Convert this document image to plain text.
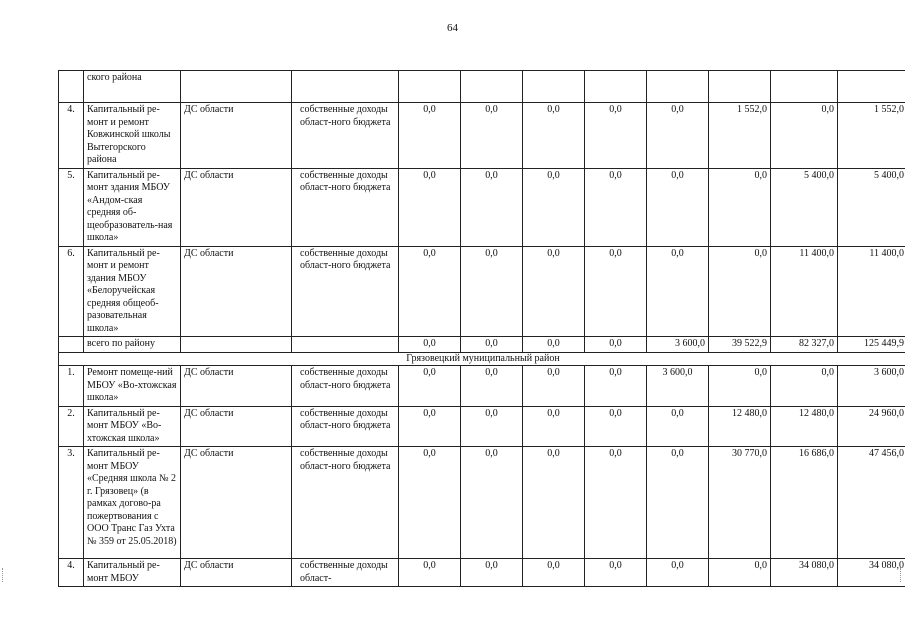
64
	ского района										
4.	Капитальный ре-монт и ремонт Ковжинской школы Вытегорского района	ДС области	собственные доходы област-ного бюджета	0,0	0,0	0,0	0,0	0,0	1 552,0	0,0	1 552,0
5.	Капитальный ре-монт здания МБОУ «Андом-ская средняя об-щеобразователь-ная школа»	ДС области	собственные доходы област-ного бюджета	0,0	0,0	0,0	0,0	0,0	0,0	5 400,0	5 400,0
6.	Капитальный ре-монт и ремонт здания МБОУ «Белоручейская средняя общеоб-разовательная школа»	ДС области	собственные доходы област-ного бюджета	0,0	0,0	0,0	0,0	0,0	0,0	11 400,0	11 400,0
	всего по району			0,0	0,0	0,0	0,0	3 600,0	39 522,9	82 327,0	125 449,9
Грязовецкий муниципальный район											
1.	Ремонт помеще-ний МБОУ «Во-хтожская школа»	ДС области	собственные доходы област-ного бюджета	0,0	0,0	0,0	0,0	3 600,0	0,0	0,0	3 600,0
2.	Капитальный ре-монт МБОУ «Во-хтожская школа»	ДС области	собственные доходы област-ного бюджета	0,0	0,0	0,0	0,0	0,0	12 480,0	12 480,0	24 960,0
3.	Капитальный ре-монт МБОУ «Средняя школа № 2 г. Грязовец» (в рамках догово-ра пожертвования с ООО Транс Газ Ухта № 359 от 25.05.2018)	ДС области	собственные доходы област-ного бюджета	0,0	0,0	0,0	0,0	0,0	30 770,0	16 686,0	47 456,0
4.	Капитальный ре-монт МБОУ	ДС области	собственные доходы област-	0,0	0,0	0,0	0,0	0,0	0,0	34 080,0	34 080,0
